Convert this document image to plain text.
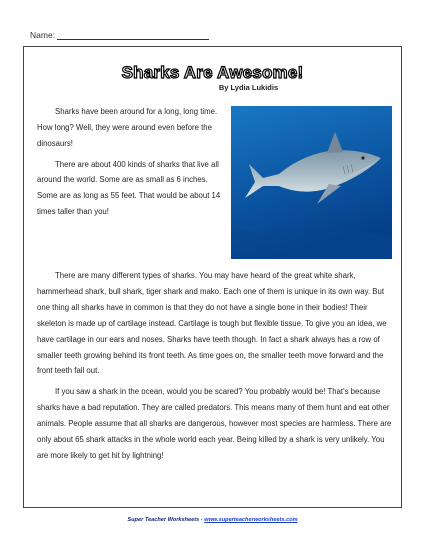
Name:
Sharks Are Awesome!
By Lydia Lukidis

Sharks have been around for a long, long time. How long? Well, they were around even before the dinosaurs!

There are about 400 kinds of sharks that live all around the world. Some are as small as 6 inches. Some are as long as 55 feet. That would be about 14 times taller than you!

There are many different types of sharks. You may have heard of the great white shark, hammerhead shark, bull shark, tiger shark and mako. Each one of them is unique in its own way. But one thing all sharks have in common is that they do not have a single bone in their bodies! Their skeleton is made up of cartilage instead. Cartilage is tough but flexible tissue. To give you an idea, we have cartilage in our ears and noses. Sharks have teeth though. In fact a shark always has a row of smaller teeth growing behind its front teeth. As time goes on, the smaller teeth move forward and the front teeth fall out.

If you saw a shark in the ocean, would you be scared? You probably would be! That's because sharks have a bad reputation. They are called predators. This means many of them hunt and eat other animals. People assume that all sharks are dangerous, however most species are harmless. There are only about 65 shark attacks in the whole world each year. Being killed by a shark is very unlikely. You are more likely to get hit by lightning!

Super Teacher Worksheets - www.superteacherworksheets.com
